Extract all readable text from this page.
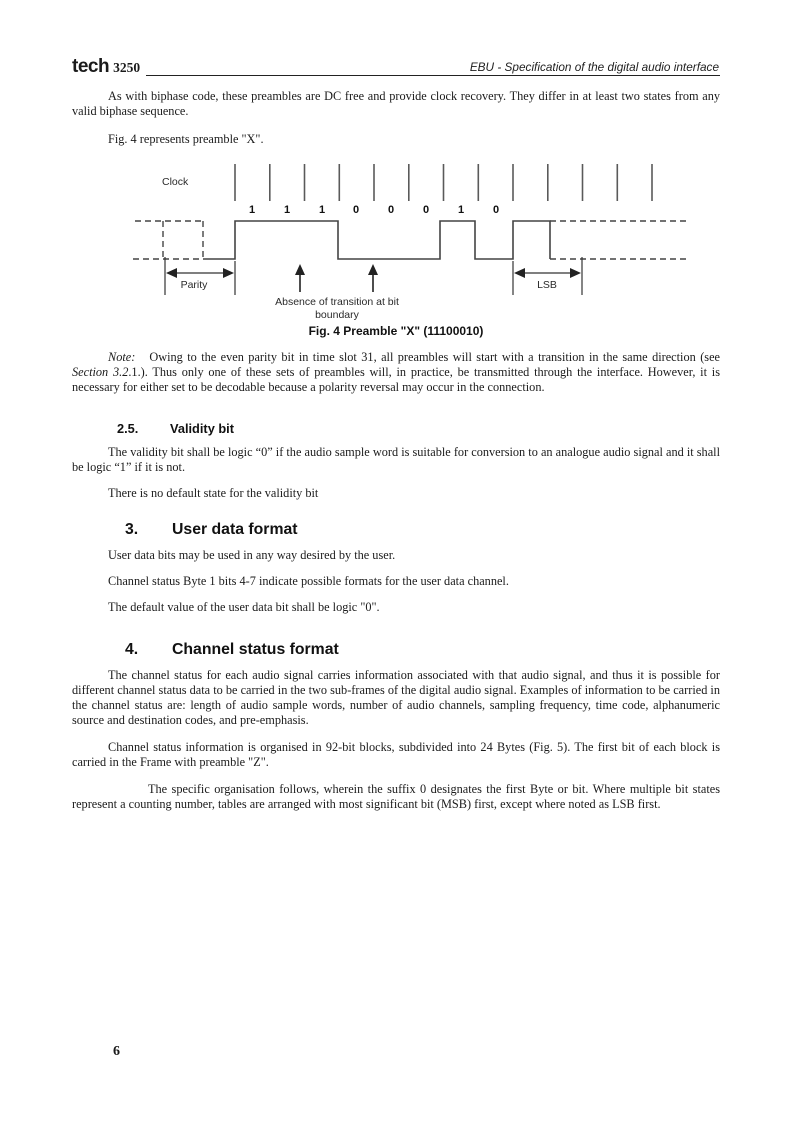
tech 3250	EBU - Specification of the digital audio interface

As with biphase code, these preambles are DC free and provide clock recovery. They differ in at least two states from any valid biphase sequence.

Fig. 4 represents preamble "X".

Clock
1	1	1	0	0	0	1	0
Parity	LSB
Absence of transition at bit
boundary
Fig. 4 Preamble "X" (11100010)

Note: Owing to the even parity bit in time slot 31, all preambles will start with a transition in the same direction (see Section 3.2.1.). Thus only one of these sets of preambles will, in practice, be transmitted through the interface. However, it is necessary for either set to be decodable because a polarity reversal may occur in the connection.

2.5.	Validity bit

The validity bit shall be logic “0” if the audio sample word is suitable for conversion to an analogue audio signal and it shall be logic “1” if it is not.

There is no default state for the validity bit

3.	User data format

User data bits may be used in any way desired by the user.

Channel status Byte 1 bits 4-7 indicate possible formats for the user data channel.

The default value of the user data bit shall be logic "0".

4.	Channel status format

The channel status for each audio signal carries information associated with that audio signal, and thus it is possible for different channel status data to be carried in the two sub-frames of the digital audio signal. Examples of information to be carried in the channel status are: length of audio sample words, number of audio channels, sampling frequency, time code, alphanumeric source and destination codes, and pre-emphasis.

Channel status information is organised in 92-bit blocks, subdivided into 24 Bytes (Fig. 5). The first bit of each block is carried in the Frame with preamble "Z".

The specific organisation follows, wherein the suffix 0 designates the first Byte or bit. Where multiple bit states represent a counting number, tables are arranged with most significant bit (MSB) first, except where noted as LSB first.

6
